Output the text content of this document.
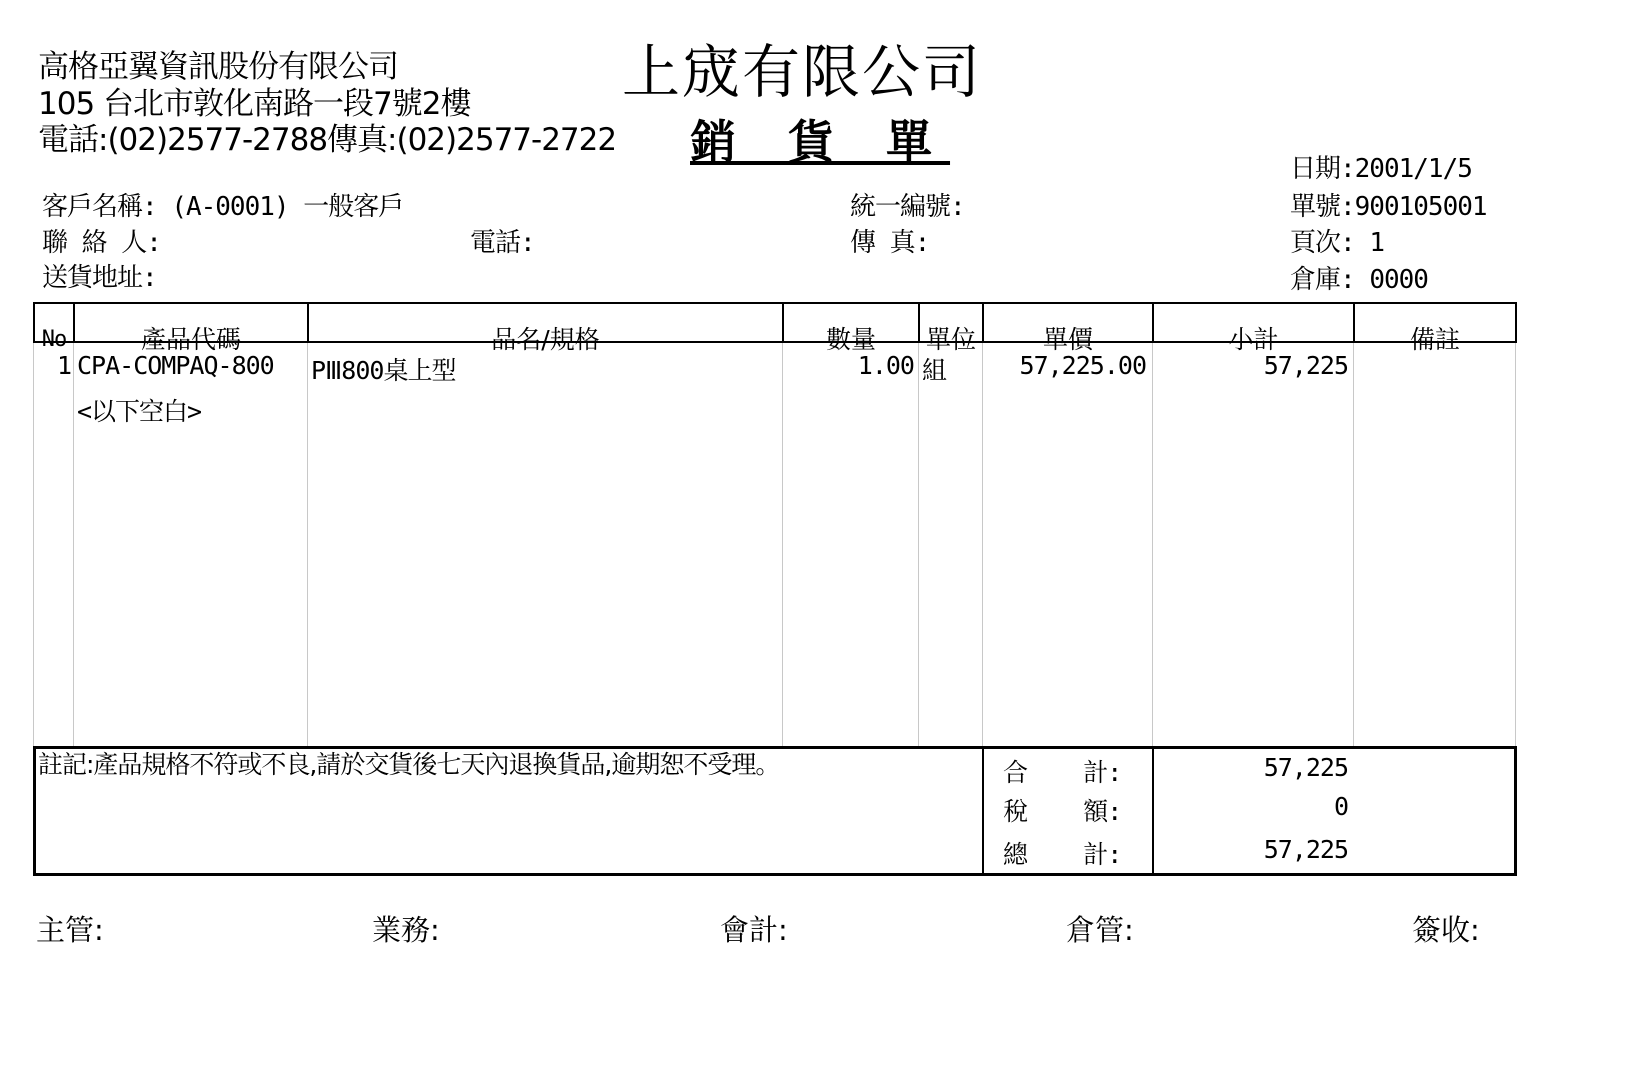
高格亞翼資訊股份有限公司
105 台北市敦化南路一段7號2樓
電話:(02)2577-2788傳真:(02)2577-2722
上宬有限公司
銷 貨 單	日期:2001/1/5
單號:900105001
頁次: 1
倉庫: 0000
客戶名稱: (A-0001) 一般客戶
聯 絡 人:	電話:
送貨地址:
統一編號:
傳 真:
No	產品代碼	品名/規格	數量	單位	單價	小計	備註
1 CPA-COMPAQ-800 PⅢ800桌上型	1.00 組	57,225.00	57,225
<以下空白>
註記:產品規格不符或不良,請於交貨後七天內退換貨品,逾期恕不受理。	合    計:	57,225
稅    額:	0
總    計:	57,225
主管:	業務:	會計:	倉管:	簽收:
